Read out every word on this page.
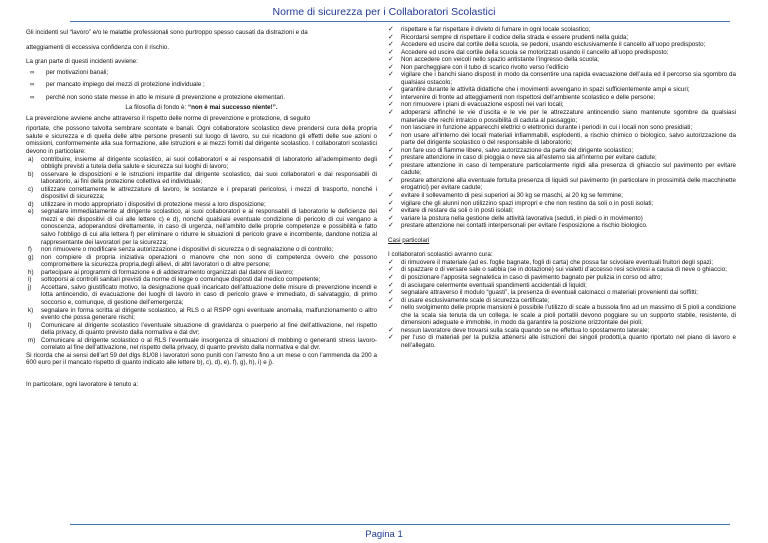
Norme di sicurezza per i Collaboratori Scolastici

Gli incidenti sul “lavoro” e/o le malattie professionali sono purtroppo spesso causati da distrazioni e da

atteggiamenti di eccessiva confidenza con il rischio.

La gran parte di questi incidenti avviene:

∞	per motivazioni banali;
∞	per mancato impiego dei mezzi di protezione individuale ;
∞	perché non sono state messe in atto le misure di prevenzione e protezione elementari.

La filosofia di fondo è: “non è mai successo niente!”.

La prevenzione avviene anche attraverso il rispetto delle norme di prevenzione e protezione, di seguito

riportate, che possono talvolta sembrare scontate e banali. Ogni collaboratore scolastico deve prendersi cura della propria salute e sicurezza e di quella delle altre persone presenti sul luogo di lavoro, su cui ricadono gli effetti delle sue azioni o omissioni, conformemente alla sua formazione, alle istruzioni e ai mezzi forniti dal dirigente scolastico. I collaboratori scolastici devono in particolare:

a)	contribuire, insieme al dirigente scolastico, ai suoi collaboratori e ai responsabili di laboratorio all’adempimento degli obblighi previsti a tutela della salute e sicurezza sui luoghi di lavoro;
b)	osservare le disposizioni e le istruzioni impartite dal dirigente scolastico, dai suoi collaboratori e dai responsabili di laboratorio, ai fini della protezione collettiva ed individuale;
c)	utilizzare correttamente le attrezzature di lavoro, le sostanze e i preparati pericolosi, i mezzi di trasporto, nonché i dispositivi di sicurezza;
d)	utilizzare in modo appropriato i dispositivi di protezione messi a loro disposizione;
e)	segnalare immediatamente al dirigente scolastico, ai suoi collaboratori e ai responsabili di laboratorio le deficienze dei mezzi e dei dispositivi di cui alle lettere c) e d), nonché qualsiasi eventuale condizione di pericolo di cui vengano a conoscenza, adoperandosi direttamente, in caso di urgenza, nell’ambito delle proprie competenze e possibilità e fatto salvo l’obbligo di cui alla lettera f) per eliminare o ridurre le situazioni di pericolo grave e incombente, dandone notizia al rappresentante dei lavoratori per la sicurezza;
f)	non rimuovere o modificare senza autorizzazione i dispositivi di sicurezza o di segnalazione o di controllo;
g)	non compiere di propria iniziativa operazioni o manovre che non sono di competenza ovvero che possono compromettere la sicurezza propria,degli allievi, di altri lavoratori o di altre persone;
h)	partecipare ai programmi di formazione e di addestramento organizzati dal datore di lavoro;
i)	sottoporsi ai controlli sanitari previsti da norme di legge o comunque disposti dal medico competente;
j)	Accettare, salvo giustificato motivo, la designazione quali incaricato dell’attuazione delle misure di prevenzione incendi e lotta antincendio, di evacuazione dei luoghi di lavoro in caso di pericolo grave e immediato, di salvataggio, di primo soccorso e, comunque, di gestione dell’emergenza;
k)	segnalare in forma scritta al dirigente scolastico, al RLS o al RSPP ogni eventuale anomalia, malfunzionamento o altro evento che possa generare rischi;
l)	Comunicare al dirigente scolastico l’eventuale situazione di gravidanza o puerperio al fine dell’attivazione, nel rispetto della privacy, di quanto previsto dalla normativa e dal dvr;
m) Comunicare al dirigente scolastico o al RLS l’eventuale insorgenza di situazioni di mobbing o generanti stress lavoro-correlato al fine dell’attivazione, nel rispetto della privacy, di quanto previsto dalla normativa e dal dvr.

Si ricorda che ai sensi dell’art 59 del dlgs 81/08 i lavoratori sono puniti con l’arresto fino a un mese o con l’ammenda da 200 a 600 euro per il mancato rispetto di quanto indicato alle lettere b), c), d), e), f), g), h), i) e j).

In particolare, ogni lavoratore è tenuto a:

✓	rispettare e far rispettare il divieto di fumare in ogni locale scolastico;
✓	Ricordarsi sempre di rispettare il codice della strada e essere prudenti nella guida;
✓	Accedere ed uscire dal cortile della scuola, se pedoni, usando esclusivamente il cancello all’uopo predisposto;
✓	Accedere ed uscire dal cortile della scuola se motorizzati usando il cancello all’uopo predisposto;
✓	Non accedere con veicoli nello spazio antistante l’ingresso della scuola;
✓	Non parcheggiare con il tubo di scarico rivolto verso l’edificio
✓	vigilare che i banchi siano disposti in modo da consentire una rapida evacuazione dell’aula ed il percorso sia sgombro da qualsiasi ostacolo;
✓	garantire durante le attività didattiche che i movimenti avvengano in spazi sufficientemente ampi e sicuri;
✓	intervenire di fronte ad atteggiamenti non rispettosi dell’ambiente scolastico e delle persone;
✓	non rimuovere i piani di evacuazione esposti nei vari locali;
✓	adoperarsi affinché le vie d’uscita e le vie per le attrezzature antincendio siano mantenute sgombre da qualsiasi materiale che rechi intralcio o possibilità di caduta al passaggio;
✓	non lasciare in funzione apparecchi elettrici o elettronici durante i periodi in cui i locali non sono presidiati;
✓	non usare all’interno dei locali materiali infiammabili, esplodenti, a rischio chimico o biologico, salvo autorizzazione da parte del dirigente scolastico o del responsabile di laboratorio;
✓	non fare uso di fiamme libere, salvo autorizzazione da parte del dirigente scolastico;
✓	prestare attenzione in caso di pioggia o neve sia all’esterno sia all’interno per evitare cadute;
✓	prestare attenzione in caso di temperature particolarmente rigidi alla presenza di ghiaccio sul pavimento per evitare cadute;
✓	prestare attenzione alla eventuale fortuita presenza di liquidi sul pavimento (in particolare in prossimità delle macchinette erogatrici) per evitare cadute;
✓	evitare il sollevamento di pesi superiori ai 30 kg se maschi, ai 20 kg se femmine;
✓	vigilare che gli alunni non utilizzino spazi impropri e che non restino da soli o in posti isolati;
✓	evitare di restare da soli o in posti isolati;
✓	variare la postura nella gestione delle attività lavorativa (seduti, in piedi o in movimento)
✓	prestare attenzione nei contatti interpersonali per evitare l’esposizione a rischio biologico.

Casi particolari

I collaboratori scolastici avranno cura:

✓	di rimuovere il materiale (ad es. foglie bagnate, fogli di carta) che possa far scivolare eventuali fruitori degli spazi;
✓	di spazzare o di versare sale o sabbia (se in dotazione) sui vialetti d’accesso resi scivolosi a causa di neve o ghiaccio;
✓	di posizionare l’apposita segnaletica in caso di pavimento bagnato per pulizia in corso od altro;
✓	di asciugare celermente eventuali spandimenti accidentali di liquidi;
✓	segnalare attraverso il modulo “guasti”, la presenza di eventuali calcinacci o materiali provenienti dai soffitti;
✓	di usare esclusivamente scale di sicurezza certificate;
✓	nello svolgimento delle proprie mansioni è possibile l’utilizzo di scale a bussola fino ad un massimo di 5 pioli a condizione che la scala sia tenuta da un collega. le scale a pioli portatili devono poggiare su un supporto stabile, resistente, di dimensioni adeguate e immobile, in modo da garantire la posizione orizzontale dei pioli;
✓	nessun lavoratore deve trovarsi sulla scala quando se ne effettua lo spostamento laterale;
✓	per l’uso di materiali per la pulizia attenersi alle istruzioni dei singoli prodotti,a quanto riportato nel piano di lavoro e nell’allegato.
Pagina 1
